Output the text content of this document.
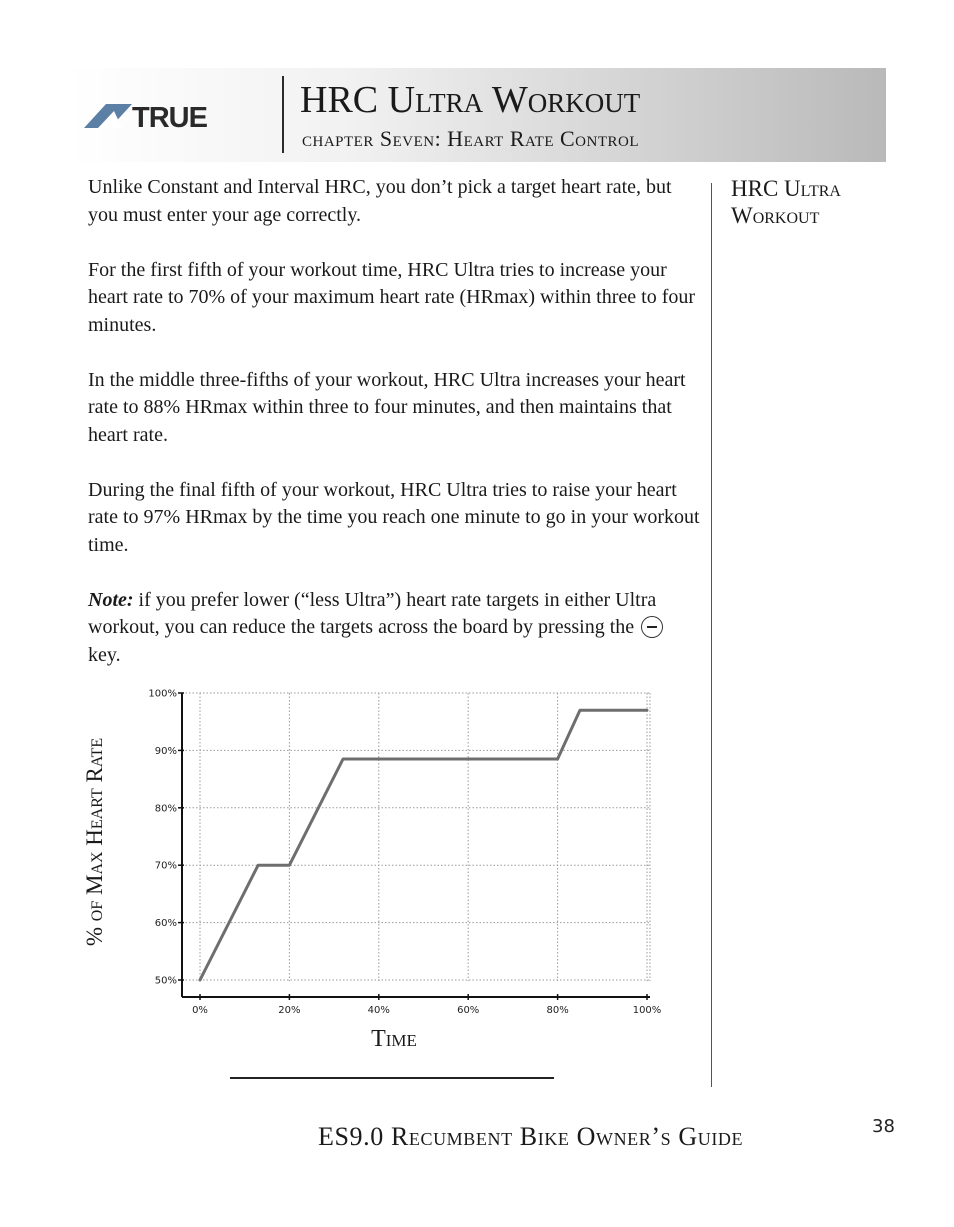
TRUE HRC Ultra Workout
chapter Seven: Heart Rate Control

Unlike Constant and Interval HRC, you don’t pick a target heart rate, but you must enter your age correctly.

For the first fifth of your workout time, HRC Ultra tries to increase your heart rate to 70% of your maximum heart rate (HRmax) within three to four minutes.

In the middle three-fifths of your workout, HRC Ultra increases your heart rate to 88% HRmax within three to four minutes, and then maintains that heart rate.

During the final fifth of your workout, HRC Ultra tries to raise your heart rate to 97% HRmax by the time you reach one minute to go in your workout time.

Note: if you prefer lower (“less Ultra”) heart rate targets in either Ultra workout, you can reduce the targets across the board by pressing the  key.

HRC Ultra Workout
50%
60%
70%
80%
90%
100%
0%	20%	40%	60%	80%	100%
% of Max Heart Rate
Time
ES9.0 Recumbent Bike Owner’s Guide	38
